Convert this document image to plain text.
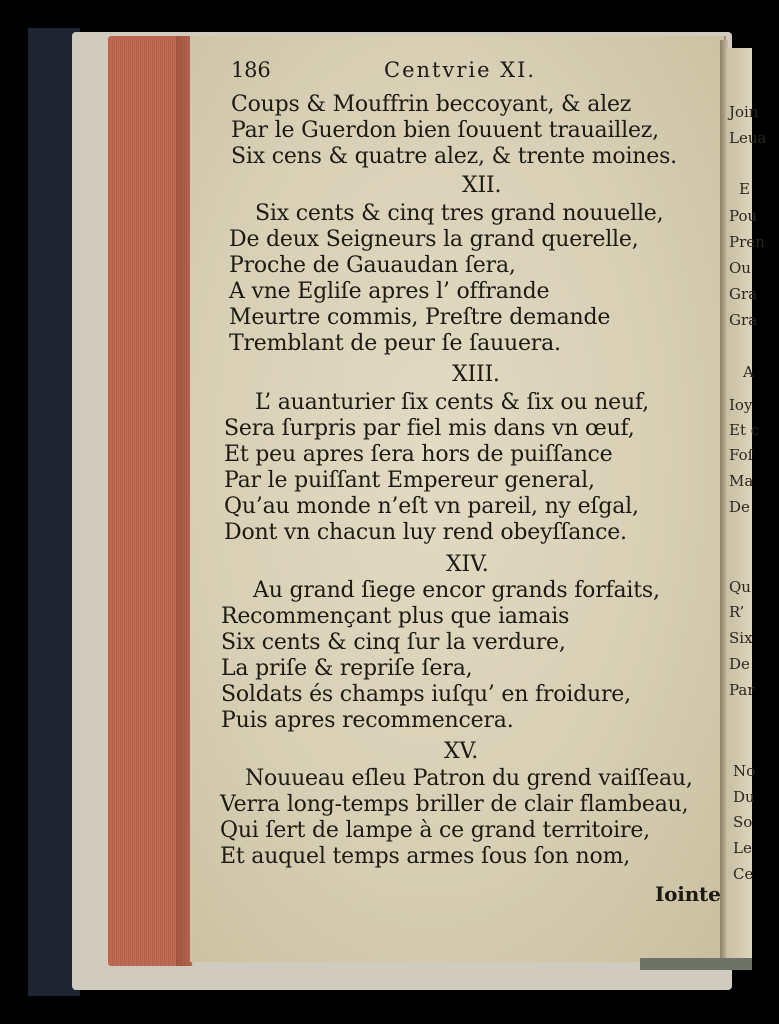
186	Centvrie XI.
Coups & Mouffrin beccoyant, & alez
Par le Guerdon bien ſouuent trauaillez,
Six cens & quatre alez, & trente moines.
XII.
Six cents & cinq tres grand nouuelle,
De deux Seigneurs la grand querelle,
Proche de Gauaudan ſera,
A vne Egliſe apres l’ offrande
Meurtre commis, Preſtre demande
Tremblant de peur ſe ſauuera.
XIII.
L’ auanturier ſix cents & ſix ou neuf,
Sera ſurpris par fiel mis dans vn œuf,
Et peu apres ſera hors de puiſſance
Par le puiſſant Empereur general,
Qu’au monde n’eſt vn pareil, ny eſgal,
Dont vn chacun luy rend obeyſſance.
XIV.
Au grand ſiege encor grands forfaits,
Recommençant plus que iamais
Six cents & cinq ſur la verdure,
La priſe & repriſe ſera,
Soldats és champs iuſqu’ en froidure,
Puis apres recommencera.
XV.
Nouueau eſleu Patron du grend vaiſſeau,
Verra long-temps briller de clair flambeau,
Qui ſert de lampe à ce grand territoire,
Et auquel temps armes ſous ſon nom,
Iointe
Join
Leua
E
Pou
Pren
Ou
Gra
Gra
A
Ioy
Et c
Foſ
Ma
De
Qu
R’
Six
De
Par
No
Du
So
Le
Ce
